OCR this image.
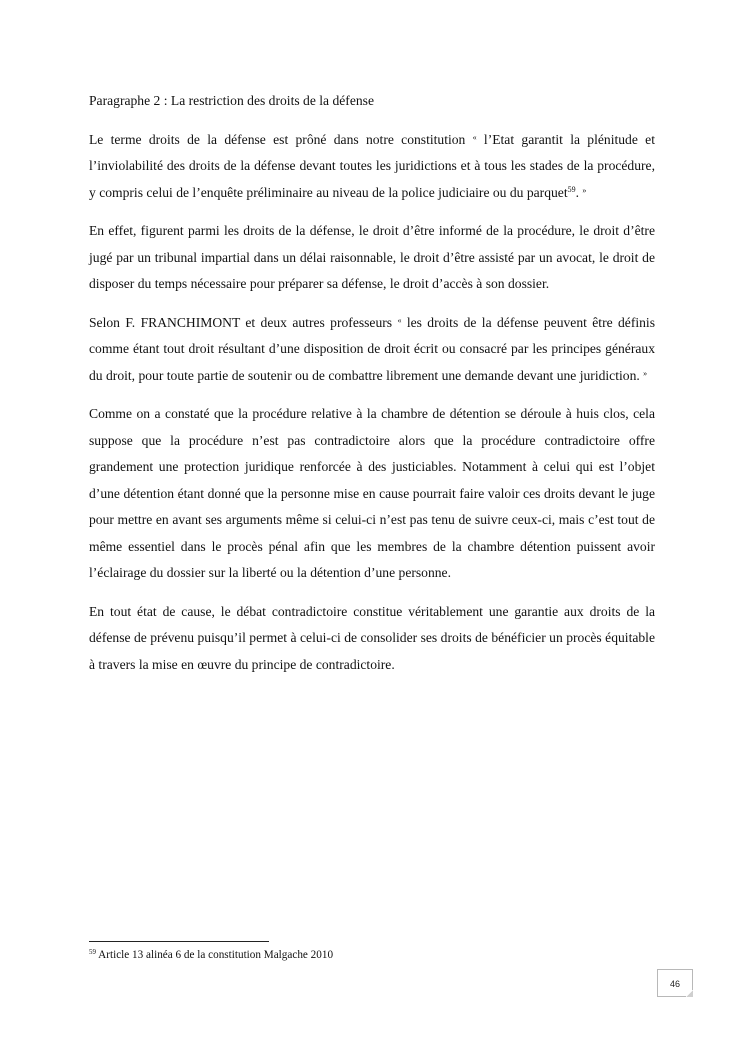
Paragraphe 2 : La restriction des droits de la défense

Le terme droits de la défense est prôné dans notre constitution « l’Etat garantit la plénitude et l’inviolabilité des droits de la défense devant toutes les juridictions et à tous les stades de la procédure, y compris celui de l’enquête préliminaire au niveau de la police judiciaire ou du parquet$^{59}$. »

En effet, figurent parmi les droits de la défense, le droit d’être informé de la procédure, le droit d’être jugé par un tribunal impartial dans un délai raisonnable, le droit d’être assisté par un avocat, le droit de disposer du temps nécessaire pour préparer sa défense, le droit d’accès à son dossier.

Selon F. FRANCHIMONT et deux autres professeurs « les droits de la défense peuvent être définis comme étant tout droit résultant d’une disposition de droit écrit ou consacré par les principes généraux du droit, pour toute partie de soutenir ou de combattre librement une demande devant une juridiction. »

Comme on a constaté que la procédure relative à la chambre de détention se déroule à huis clos, cela suppose que la procédure n’est pas contradictoire alors que la procédure contradictoire offre grandement une protection juridique renforcée à des justiciables. Notamment à celui qui est l’objet d’une détention étant donné que la personne mise en cause pourrait faire valoir ces droits devant le juge pour mettre en avant ses arguments même si celui-ci n’est pas tenu de suivre ceux-ci, mais c’est tout de même essentiel dans le procès pénal afin que les membres de la chambre détention puissent avoir l’éclairage du dossier sur la liberté ou la détention d’une personne.

En tout état de cause, le débat contradictoire constitue véritablement une garantie aux droits de la défense de prévenu puisqu’il permet à celui-ci de consolider ses droits de bénéficier un procès équitable à travers la mise en œuvre du principe de contradictoire.

$^{59}$ Article 13 alinéa 6 de la constitution Malgache 2010
46
